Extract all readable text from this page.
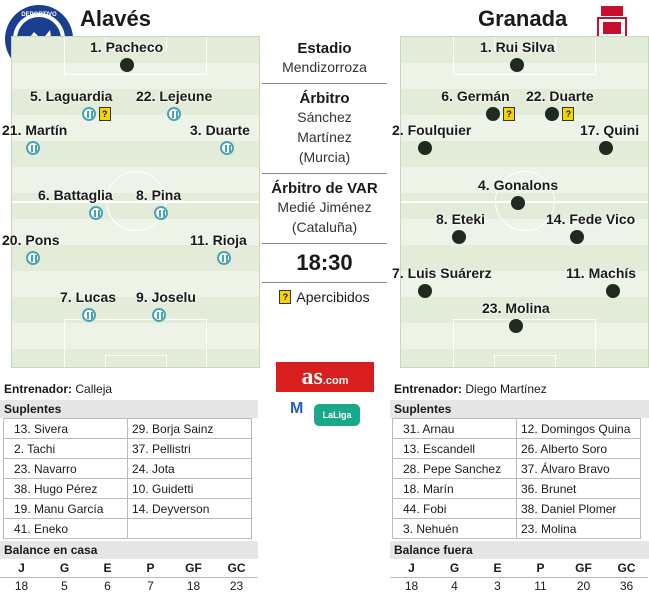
Alavés	Granada
DEPORTIVO
1. Pacheco
5. Laguardia
?
22. Lejeune
21. Martín	3. Duarte
6. Battaglia 8. Pina
20. Pons	11. Rioja
7. Lucas 9. Joselu
1. Rui Silva
6. Germán
?
22. Duarte
?
2. Foulquier	17. Quini
4. Gonalons
8. Eteki	14. Fede Vico
7. Luis Suárerz	11. Machís
23. Molina
Estadio
Mendizorroza
Árbitro
Sánchez Martínez (Murcia)
Árbitro de VAR
Medié Jiménez (Cataluña)
18:30
? Apercibidos
as.com
M	LaLiga
Entrenador: Calleja
Suplentes
13. Sivera	29. Borja Sainz
2. Tachi	37. Pellistri
23. Navarro	24. Jota
38. Hugo Pérez	10. Guidetti
19. Manu García	14. Deyverson
41. Eneko	
Balance en casa
J	G	E	P	GF	GC
18	5	6	7	18	23
Entrenador: Diego Martínez
Suplentes
31. Arnau	12. Domingos Quina
13. Escandell	26. Alberto Soro
28. Pepe Sanchez	37. Álvaro Bravo
18. Marín	36. Brunet
44. Fobi	38. Daniel Plomer
3. Nehuén	23. Molina
Balance fuera
J	G	E	P	GF	GC
18	4	3	11	20	36
